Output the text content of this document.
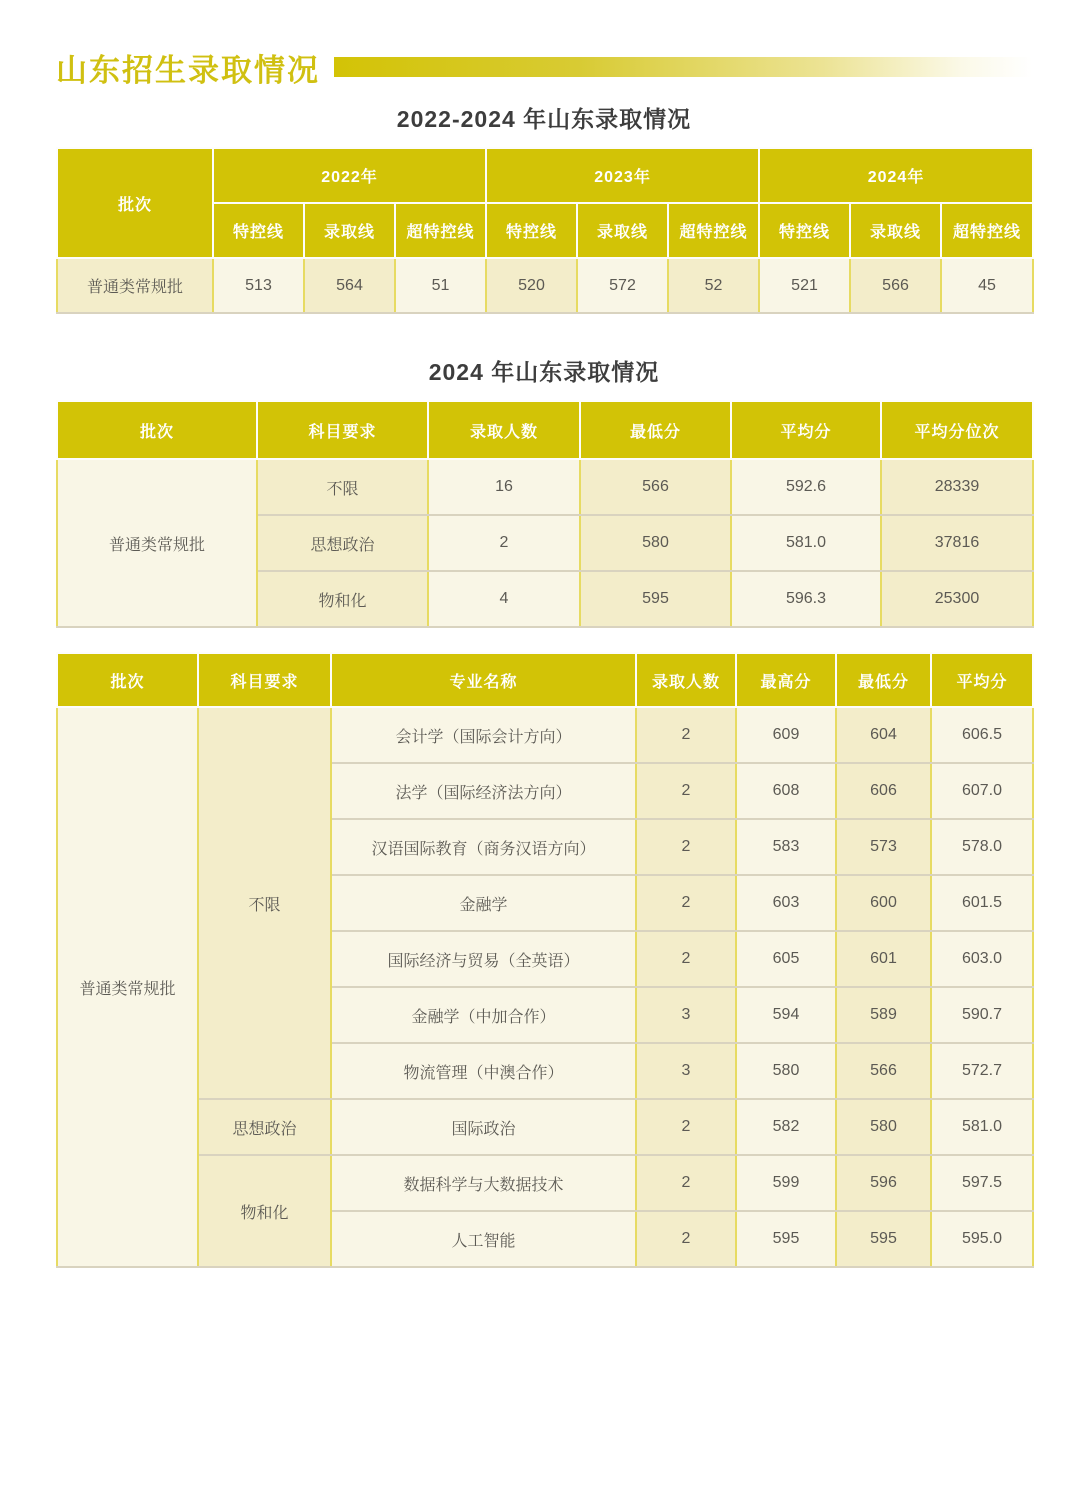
山东招生录取情况
2022-2024 年山东录取情况
批次	2022年			2023年			2024年		
	特控线	录取线	超特控线	特控线	录取线	超特控线	特控线	录取线	超特控线
普通类常规批	513	564	51	520	572	52	521	566	45
2024 年山东录取情况
批次	科目要求	录取人数	最低分	平均分	平均分位次
普通类常规批	不限	16	566	592.6	28339
	思想政治	2	580	581.0	37816
	物和化	4	595	596.3	25300
批次	科目要求	专业名称	录取人数	最高分	最低分	平均分
普通类常规批	不限	会计学（国际会计方向）	2	609	604	606.5
		法学（国际经济法方向）	2	608	606	607.0
		汉语国际教育（商务汉语方向）	2	583	573	578.0
		金融学	2	603	600	601.5
		国际经济与贸易（全英语）	2	605	601	603.0
		金融学（中加合作）	3	594	589	590.7
		物流管理（中澳合作）	3	580	566	572.7
	思想政治	国际政治	2	582	580	581.0
	物和化	数据科学与大数据技术	2	599	596	597.5
		人工智能	2	595	595	595.0
